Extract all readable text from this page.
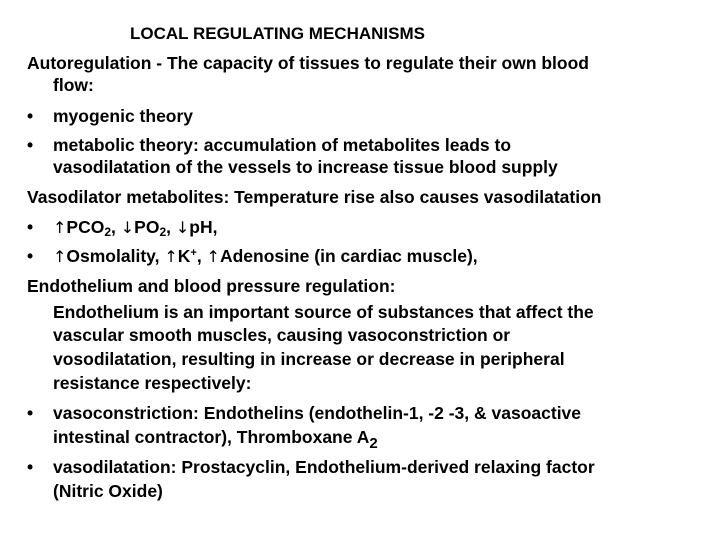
LOCAL REGULATING MECHANISMS
Autoregulation - The capacity of tissues to regulate their own blood
flow:
• myogenic theory
• metabolic theory: accumulation of metabolites leads to
vasodilatation of the vessels to increase tissue blood supply
Vasodilator metabolites: Temperature rise also causes vasodilatation
• $↑PCO_2$, $↓PO_2$, ↓pH,
• ↑Osmolality, ↑K+, ↑Adenosine (in cardiac muscle),
Endothelium and blood pressure regulation:
Endothelium is an important source of substances that affect the
vascular smooth muscles, causing vasoconstriction or
vosodilatation, resulting in increase or decrease in peripheral
resistance respectively:
• vasoconstriction: Endothelins (endothelin-1, -2 -3, & vasoactive
intestinal contractor), Thromboxane A2
• vasodilatation: Prostacyclin, Endothelium-derived relaxing factor
(Nitric Oxide)
